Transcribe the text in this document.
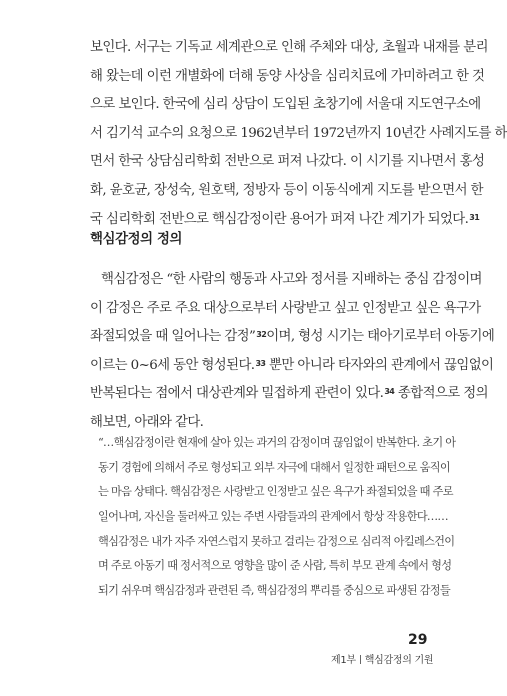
보인다. 서구는 기독교 세계관으로 인해 주체와 대상, 초월과 내재를 분리
해 왔는데 이런 개별화에 더해 동양 사상을 심리치료에 가미하려고 한 것
으로 보인다. 한국에 심리 상담이 도입된 초창기에 서울대 지도연구소에
서 김기석 교수의 요청으로 1962년부터 1972년까지 10년간 사례지도를 하
면서 한국 상담심리학회 전반으로 퍼져 나갔다. 이 시기를 지나면서 홍성
화, 윤호균, 장성숙, 원호택, 정방자 등이 이동식에게 지도를 받으면서 한
국 심리학회 전반으로 핵심감정이란 용어가 퍼져 나간 계기가 되었다.$^{31}$
핵심감정의 정의
핵심감정은 “한 사람의 행동과 사고와 정서를 지배하는 중심 감정이며
이 감정은 주로 주요 대상으로부터 사랑받고 싶고 인정받고 싶은 욕구가
좌절되었을 때 일어나는 감정”$^{32}$이며, 형성 시기는 태아기로부터 아동기에
이르는 0~6세 동안 형성된다.$^{33}$ 뿐만 아니라 타자와의 관계에서 끊임없이
반복된다는 점에서 대상관계와 밀접하게 관련이 있다.$^{34}$ 종합적으로 정의
해보면, 아래와 같다.
“…핵심감정이란 현재에 살아 있는 과거의 감정이며 끊임없이 반복한다. 초기 아
동기 경험에 의해서 주로 형성되고 외부 자극에 대해서 일정한 패턴으로 움직이
는 마음 상태다. 핵심감정은 사랑받고 인정받고 싶은 욕구가 좌절되었을 때 주로
일어나며, 자신을 둘러싸고 있는 주변 사람들과의 관계에서 항상 작용한다……
핵심감정은 내가 자주 자연스럽지 못하고 걸리는 감정으로 심리적 아킬레스건이
며 주로 아동기 때 정서적으로 영향을 많이 준 사람, 특히 부모 관계 속에서 형성
되기 쉬우며 핵심감정과 관련된 즉, 핵심감정의 뿌리를 중심으로 파생된 감정들
29
제1부 핵심감정의 기원
